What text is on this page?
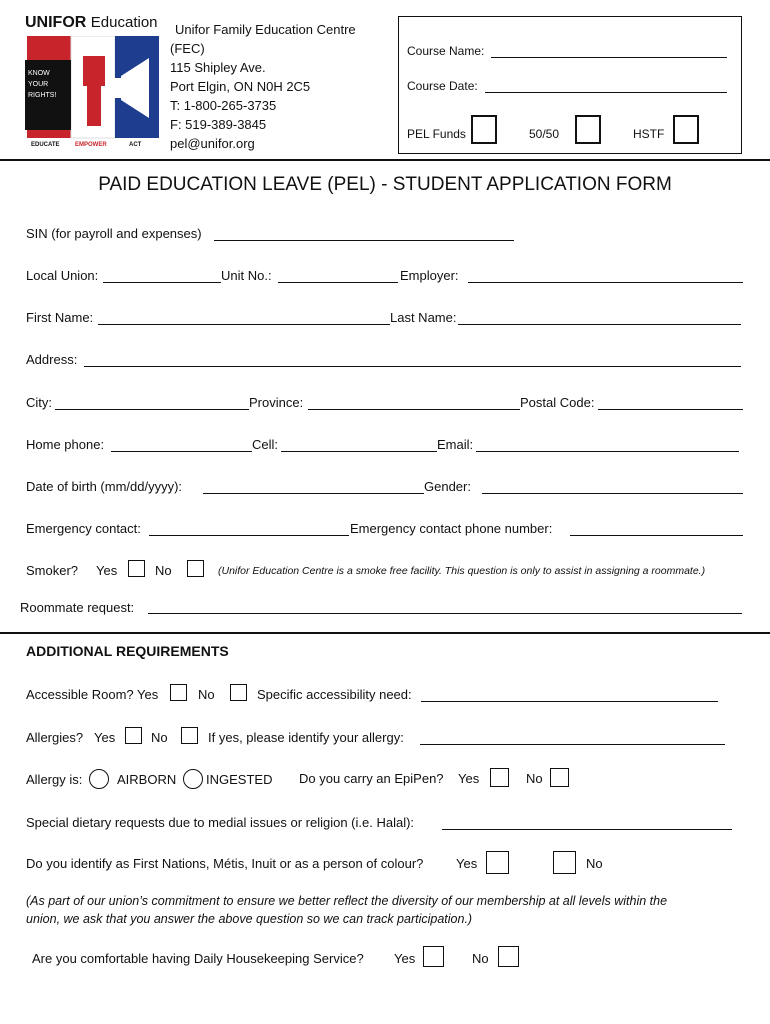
UNIFOR Education
KNOW YOUR RIGHTS!
EDUCATE	EMPOWER	ACT
Unifor Family Education Centre
(FEC)
115 Shipley Ave.
Port Elgin, ON N0H 2C5
T: 1-800-265-3735
F: 519-389-3845
pel@unifor.org
Course Name:
Course Date:
PEL Funds	50/50	HSTF
PAID EDUCATION LEAVE (PEL) - STUDENT APPLICATION FORM
SIN (for payroll and expenses)
Local Union:	Unit No.:	Employer:
First Name:	Last Name:
Address:
City:	Province:	Postal Code:
Home phone:	Cell:	Email:
Date of birth (mm/dd/yyyy):	Gender:
Emergency contact:	Emergency contact phone number:
Smoker? Yes	No	(Unifor Education Centre is a smoke free facility. This question is only to assist in assigning a roommate.)
Roommate request:
ADDITIONAL REQUIREMENTS
Accessible Room? Yes	No	Specific accessibility need:
Allergies? Yes	No	If yes, please identify your allergy:
Allergy is:	AIRBORN INGESTED Do you carry an EpiPen? Yes	No
Special dietary requests due to medial issues or religion (i.e. Halal):
Do you identify as First Nations, Métis, Inuit or as a person of colour?	Yes	No
(As part of our union’s commitment to ensure we better reflect the diversity of our membership at all levels within the
union, we ask that you answer the above question so we can track participation.)
Are you comfortable having Daily Housekeeping Service? Yes	No
